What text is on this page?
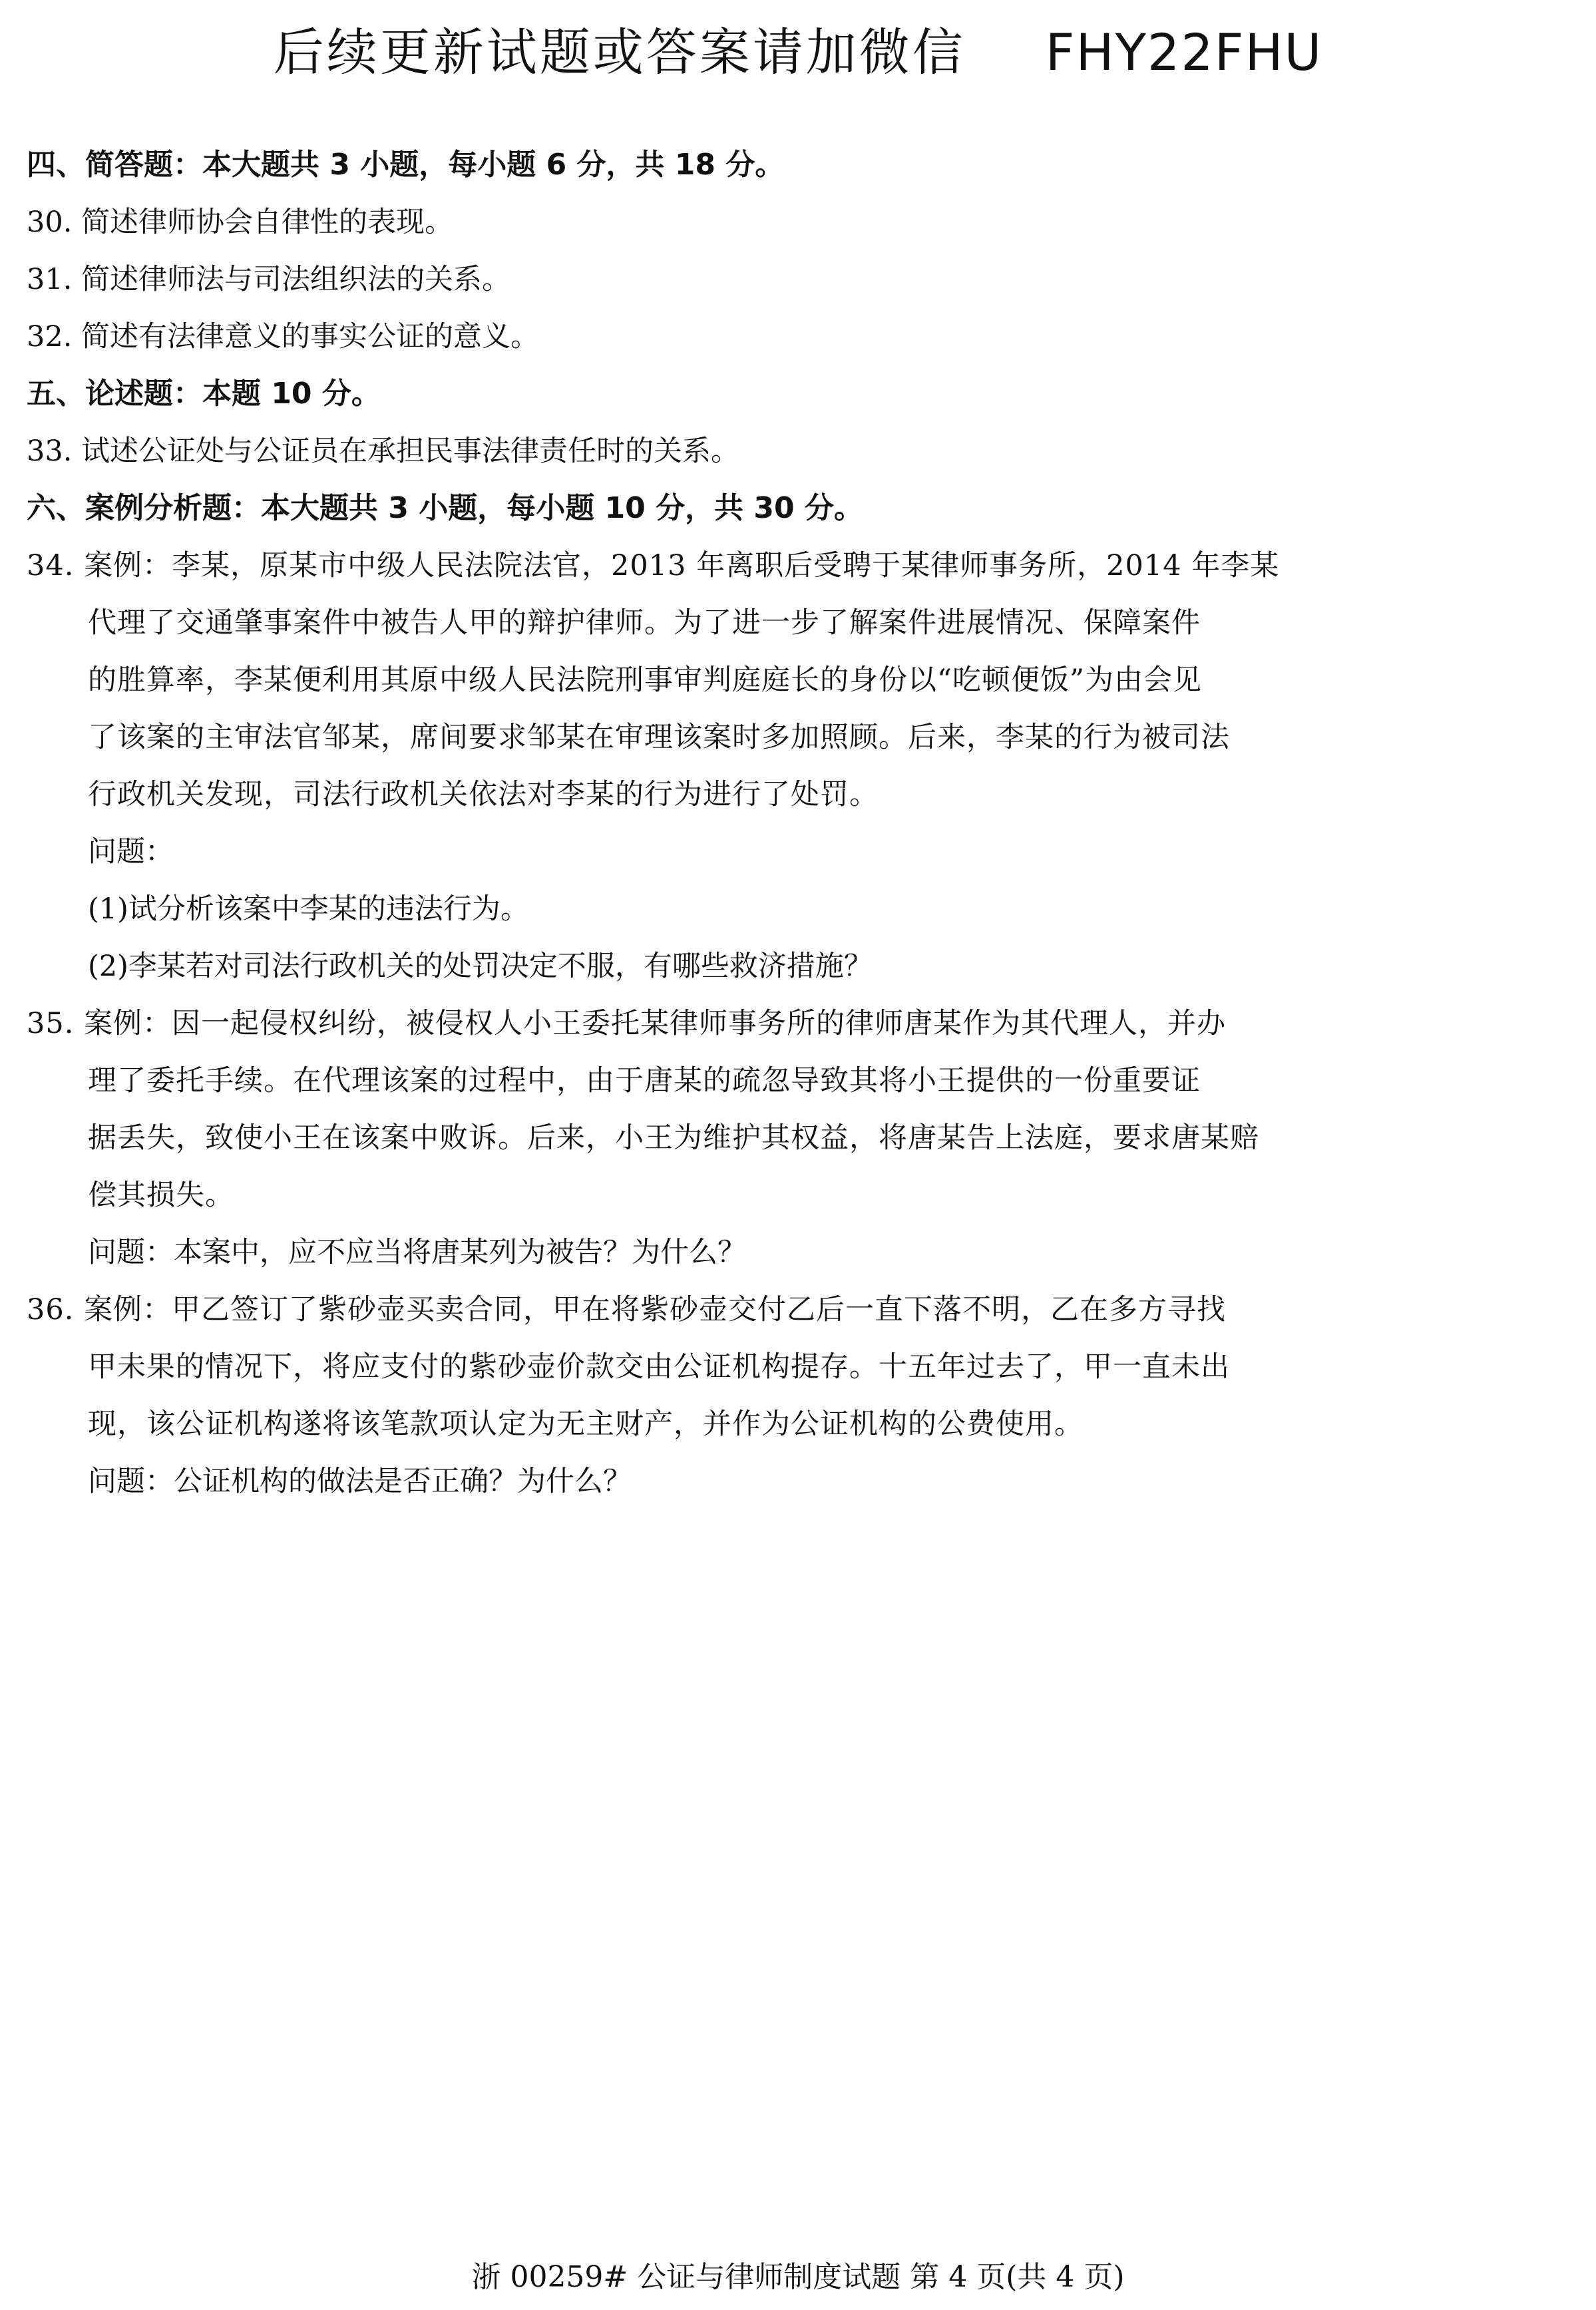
后续更新试题或答案请加微信 FHY22FHU
四、简答题：本大题共 3 小题，每小题 6 分，共 18 分。
30. 简述律师协会自律性的表现。
31. 简述律师法与司法组织法的关系。
32. 简述有法律意义的事实公证的意义。
五、论述题：本题 10 分。
33. 试述公证处与公证员在承担民事法律责任时的关系。
六、案例分析题：本大题共 3 小题，每小题 10 分，共 30 分。
34. 案例：李某，原某市中级人民法院法官，2013 年离职后受聘于某律师事务所，2014 年李某
代理了交通肇事案件中被告人甲的辩护律师。为了进一步了解案件进展情况、保障案件
的胜算率，李某便利用其原中级人民法院刑事审判庭庭长的身份以“吃顿便饭”为由会见
了该案的主审法官邹某，席间要求邹某在审理该案时多加照顾。后来，李某的行为被司法
行政机关发现，司法行政机关依法对李某的行为进行了处罚。
问题：
(1)试分析该案中李某的违法行为。
(2)李某若对司法行政机关的处罚决定不服，有哪些救济措施？
35. 案例：因一起侵权纠纷，被侵权人小王委托某律师事务所的律师唐某作为其代理人，并办
理了委托手续。在代理该案的过程中，由于唐某的疏忽导致其将小王提供的一份重要证
据丢失，致使小王在该案中败诉。后来，小王为维护其权益，将唐某告上法庭，要求唐某赔
偿其损失。
问题：本案中，应不应当将唐某列为被告？为什么？
36. 案例：甲乙签订了紫砂壶买卖合同，甲在将紫砂壶交付乙后一直下落不明，乙在多方寻找
甲未果的情况下，将应支付的紫砂壶价款交由公证机构提存。十五年过去了，甲一直未出
现，该公证机构遂将该笔款项认定为无主财产，并作为公证机构的公费使用。
问题：公证机构的做法是否正确？为什么？
浙 00259# 公证与律师制度试题 第 4 页(共 4 页)
